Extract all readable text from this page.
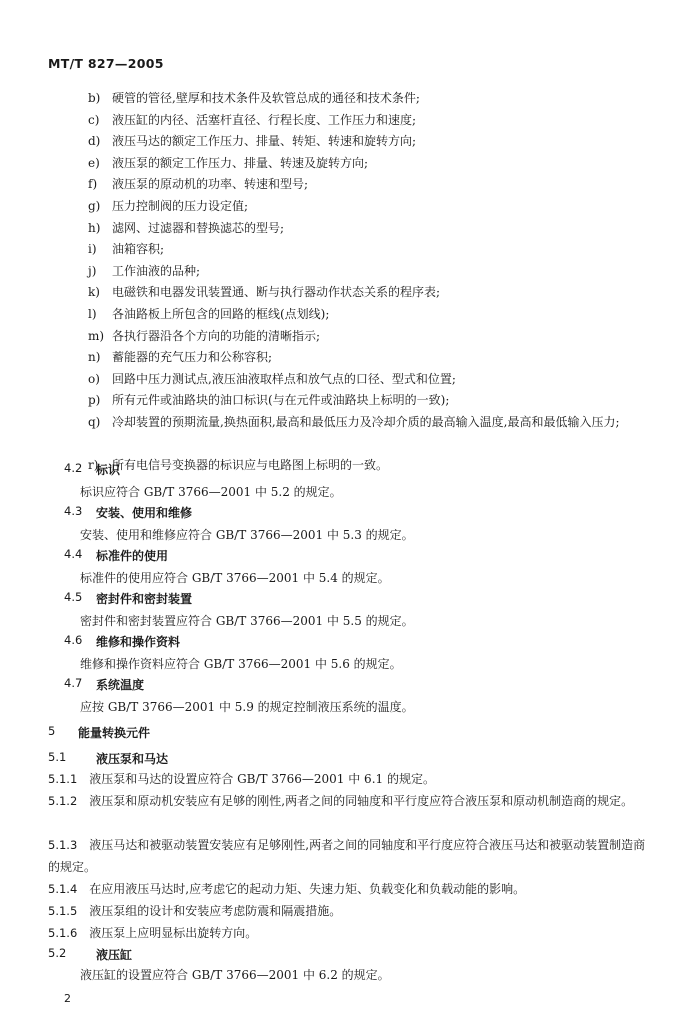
MT/T 827—2005
b) 硬管的管径,壁厚和技术条件及软管总成的通径和技术条件;

c) 液压缸的内径、活塞杆直径、行程长度、工作压力和速度;

d) 液压马达的额定工作压力、排量、转矩、转速和旋转方向;

e) 液压泵的额定工作压力、排量、转速及旋转方向;

f) 液压泵的原动机的功率、转速和型号;

g) 压力控制阀的压力设定值;

h) 滤网、过滤器和替换滤芯的型号;

i) 油箱容积;

j) 工作油液的品种;

k) 电磁铁和电器发讯装置通、断与执行器动作状态关系的程序表;

l) 各油路板上所包含的回路的框线(点划线);

m) 各执行器沿各个方向的功能的清晰指示;

n) 蓄能器的充气压力和公称容积;

o) 回路中压力测试点,液压油液取样点和放气点的口径、型式和位置;

p) 所有元件或油路块的油口标识(与在元件或油路块上标明的一致);

q) 冷却装置的预期流量,换热面积,最高和最低压力及冷却介质的最高输入温度,最高和最低输入压力;

r) 所有电信号变换器的标识应与电路图上标明的一致。

4.2 标识
标识应符合 GB/T 3766—2001 中 5.2 的规定。
4.3 安装、使用和维修
安装、使用和维修应符合 GB/T 3766—2001 中 5.3 的规定。
4.4 标准件的使用
标准件的使用应符合 GB/T 3766—2001 中 5.4 的规定。
4.5 密封件和密封装置
密封件和密封装置应符合 GB/T 3766—2001 中 5.5 的规定。
4.6 维修和操作资料
维修和操作资料应符合 GB/T 3766—2001 中 5.6 的规定。
4.7 系统温度
应按 GB/T 3766—2001 中 5.9 的规定控制液压系统的温度。
5 能量转换元件
5.1 液压泵和马达
5.1.1 液压泵和马达的设置应符合 GB/T 3766—2001 中 6.1 的规定。
5.1.2 液压泵和原动机安装应有足够的刚性,两者之间的同轴度和平行度应符合液压泵和原动机制造商的规定。
5.1.3 液压马达和被驱动装置安装应有足够刚性,两者之间的同轴度和平行度应符合液压马达和被驱动装置制造商的规定。
5.1.4 在应用液压马达时,应考虑它的起动力矩、失速力矩、负载变化和负载动能的影响。
5.1.5 液压泵组的设计和安装应考虑防震和隔震措施。
5.1.6 液压泵上应明显标出旋转方向。
5.2 液压缸
液压缸的设置应符合 GB/T 3766—2001 中 6.2 的规定。
2
